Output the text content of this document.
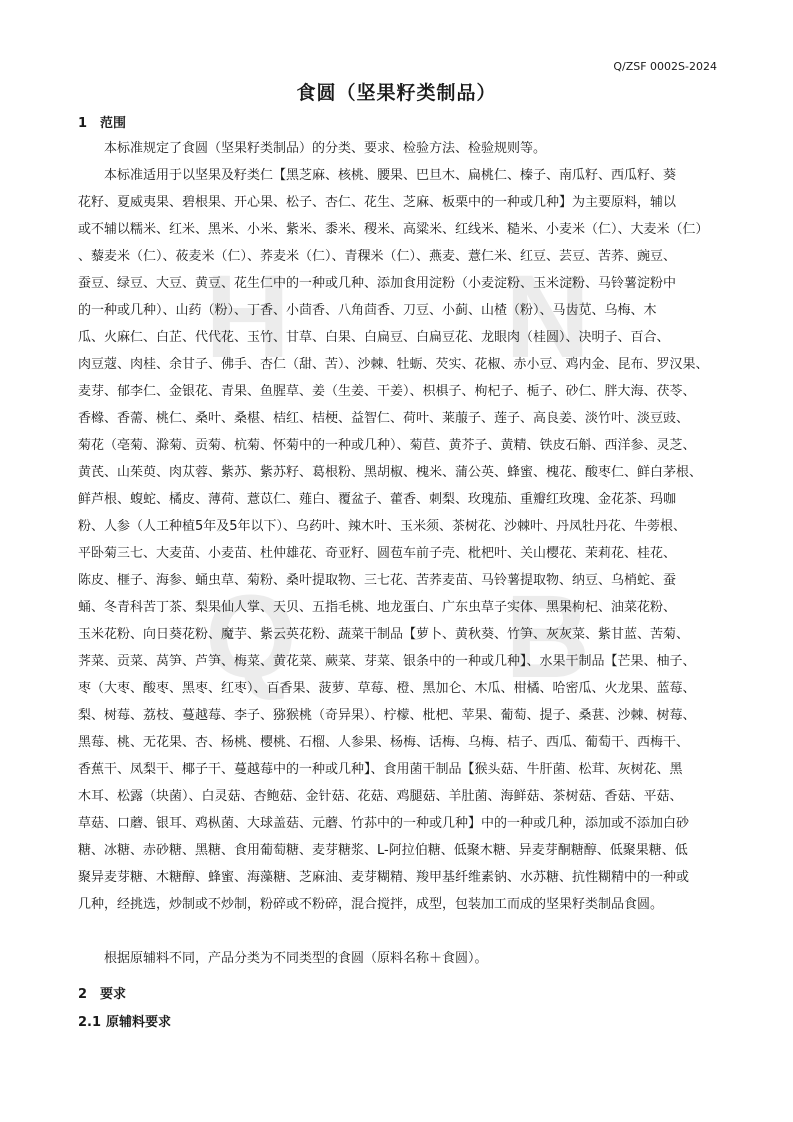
H N
Q B
Q/ZSF 0002S-2024
食圆（坚果籽类制品）
1 范围
本标准规定了食圆（坚果籽类制品）的分类、要求、检验方法、检验规则等。
本标准适用于以坚果及籽类仁【黑芝麻、核桃、腰果、巴旦木、扁桃仁、榛子、南瓜籽、西瓜籽、葵
花籽、夏威夷果、碧根果、开心果、松子、杏仁、花生、芝麻、板栗中的一种或几种】为主要原料，辅以
或不辅以糯米、红米、黑米、小米、紫米、黍米、稷米、高粱米、红线米、糙米、小麦米（仁）、大麦米（仁）
、藜麦米（仁）、莜麦米（仁）、荞麦米（仁）、青稞米（仁）、燕麦、薏仁米、红豆、芸豆、苦荞、豌豆、
蚕豆、绿豆、大豆、黄豆、花生仁中的一种或几种、添加食用淀粉（小麦淀粉、玉米淀粉、马铃薯淀粉中
的一种或几种）、山药（粉）、丁香、小茴香、八角茴香、刀豆、小蓟、山楂（粉）、马齿苋、乌梅、木
瓜、火麻仁、白芷、代代花、玉竹、甘草、白果、白扁豆、白扁豆花、龙眼肉（桂圆）、决明子、百合、
肉豆蔻、肉桂、余甘子、佛手、杏仁（甜、苦）、沙棘、牡蛎、芡实、花椒、赤小豆、鸡内金、昆布、罗汉果、
麦芽、郁李仁、金银花、青果、鱼腥草、姜（生姜、干姜）、枳椇子、枸杞子、栀子、砂仁、胖大海、茯苓、
香橼、香薷、桃仁、桑叶、桑椹、桔红、桔梗、益智仁、荷叶、莱菔子、莲子、高良姜、淡竹叶、淡豆豉、
菊花（亳菊、滁菊、贡菊、杭菊、怀菊中的一种或几种）、菊苣、黄芥子、黄精、铁皮石斛、西洋参、灵芝、
黄芪、山茱萸、肉苁蓉、紫苏、紫苏籽、葛根粉、黑胡椒、槐米、蒲公英、蜂蜜、槐花、酸枣仁、鲜白茅根、
鲜芦根、蝮蛇、橘皮、薄荷、薏苡仁、薤白、覆盆子、藿香、刺梨、玫瑰茄、重瓣红玫瑰、金花茶、玛咖
粉、人参（人工种植5年及5年以下）、乌药叶、辣木叶、玉米须、茶树花、沙棘叶、丹凤牡丹花、牛蒡根、
平卧菊三七、大麦苗、小麦苗、杜仲雄花、奇亚籽、圆苞车前子壳、枇杷叶、关山樱花、茉莉花、桂花、
陈皮、榧子、海参、蛹虫草、菊粉、桑叶提取物、三七花、苦荞麦苗、马铃薯提取物、纳豆、乌梢蛇、蚕
蛹、冬青科苦丁茶、梨果仙人掌、天贝、五指毛桃、地龙蛋白、广东虫草子实体、黑果枸杞、油菜花粉、
玉米花粉、向日葵花粉、魔芋、紫云英花粉、蔬菜干制品【萝卜、黄秋葵、竹笋、灰灰菜、紫甘蓝、苦菊、
荠菜、贡菜、莴笋、芦笋、梅菜、黄花菜、蕨菜、芽菜、银条中的一种或几种】、水果干制品【芒果、柚子、
枣（大枣、酸枣、黑枣、红枣）、百香果、菠萝、草莓、橙、黑加仑、木瓜、柑橘、哈密瓜、火龙果、蓝莓、
梨、树莓、荔枝、蔓越莓、李子、猕猴桃（奇异果）、柠檬、枇杷、苹果、葡萄、提子、桑葚、沙棘、树莓、
黑莓、桃、无花果、杏、杨桃、樱桃、石榴、人参果、杨梅、话梅、乌梅、桔子、西瓜、葡萄干、西梅干、
香蕉干、凤梨干、椰子干、蔓越莓中的一种或几种】、食用菌干制品【猴头菇、牛肝菌、松茸、灰树花、黑
木耳、松露（块菌）、白灵菇、杏鲍菇、金针菇、花菇、鸡腿菇、羊肚菌、海鲜菇、茶树菇、香菇、平菇、
草菇、口蘑、银耳、鸡枞菌、大球盖菇、元蘑、竹荪中的一种或几种】中的一种或几种，添加或不添加白砂
糖、冰糖、赤砂糖、黑糖、食用葡萄糖、麦芽糖浆、L-阿拉伯糖、低聚木糖、异麦芽酮糖醇、低聚果糖、低
聚异麦芽糖、木糖醇、蜂蜜、海藻糖、芝麻油、麦芽糊精、羧甲基纤维素钠、水苏糖、抗性糊精中的一种或
几种，经挑选，炒制或不炒制，粉碎或不粉碎，混合搅拌，成型，包装加工而成的坚果籽类制品食圆。
根据原辅料不同，产品分类为不同类型的食圆（原料名称＋食圆）。
2 要求
2.1 原辅料要求
